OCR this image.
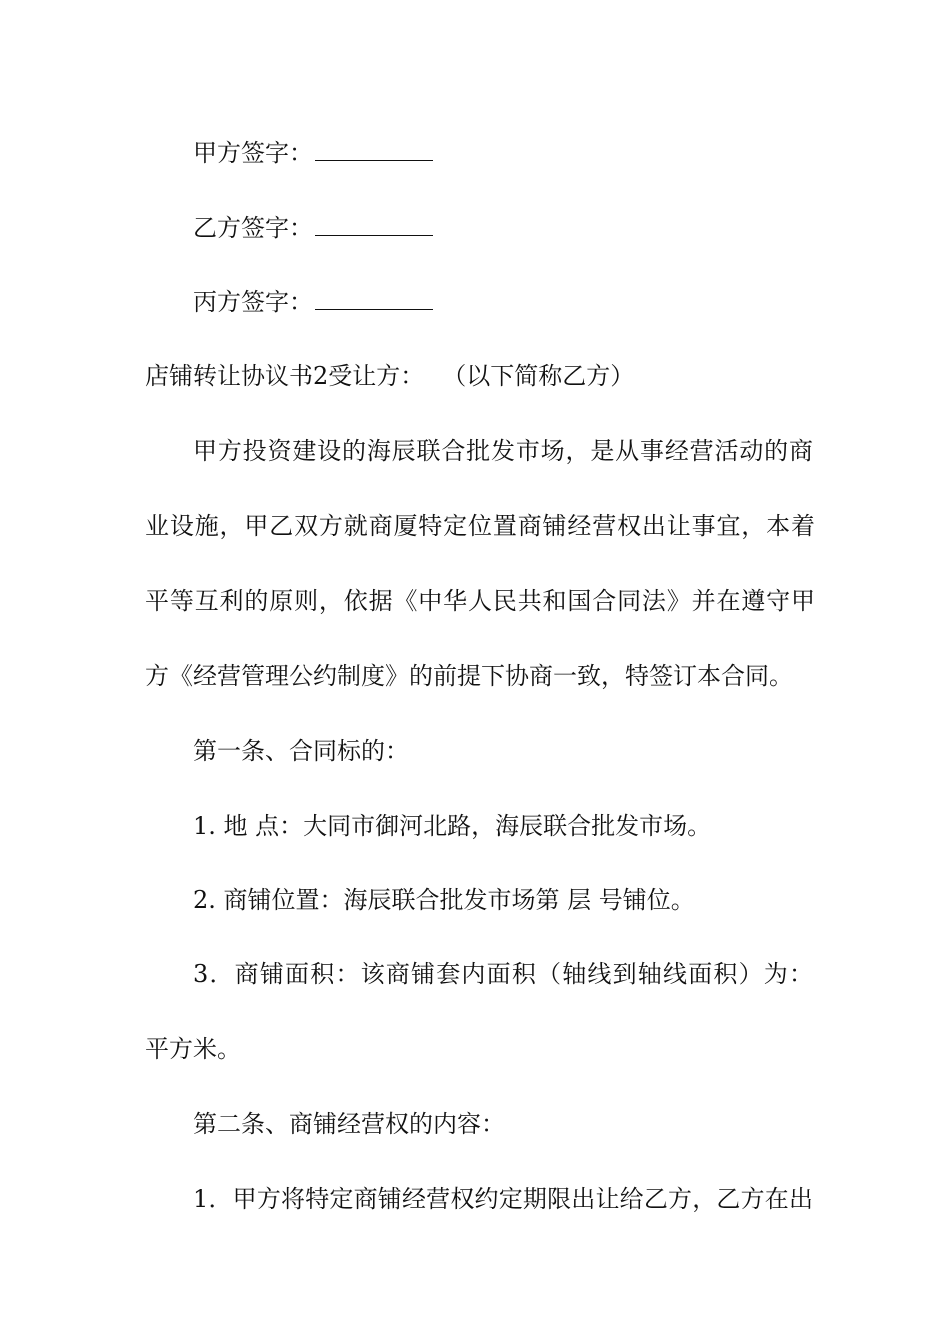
甲方签字：
乙方签字：
丙方签字：
店铺转让协议书2受让方： （以下简称乙方）
甲方投资建设的海辰联合批发市场，是从事经营活动的商
业设施，甲乙双方就商厦特定位置商铺经营权出让事宜，本着
平等互利的原则，依据《中华人民共和国合同法》并在遵守甲
方《经营管理公约制度》的前提下协商一致，特签订本合同。
第一条、合同标的：
1. 地 点：大同市御河北路，海辰联合批发市场。
2. 商铺位置：海辰联合批发市场第 层 号铺位。
3．商铺面积：该商铺套内面积（轴线到轴线面积）为：
平方米。
第二条、商铺经营权的内容：
1．甲方将特定商铺经营权约定期限出让给乙方，乙方在出
